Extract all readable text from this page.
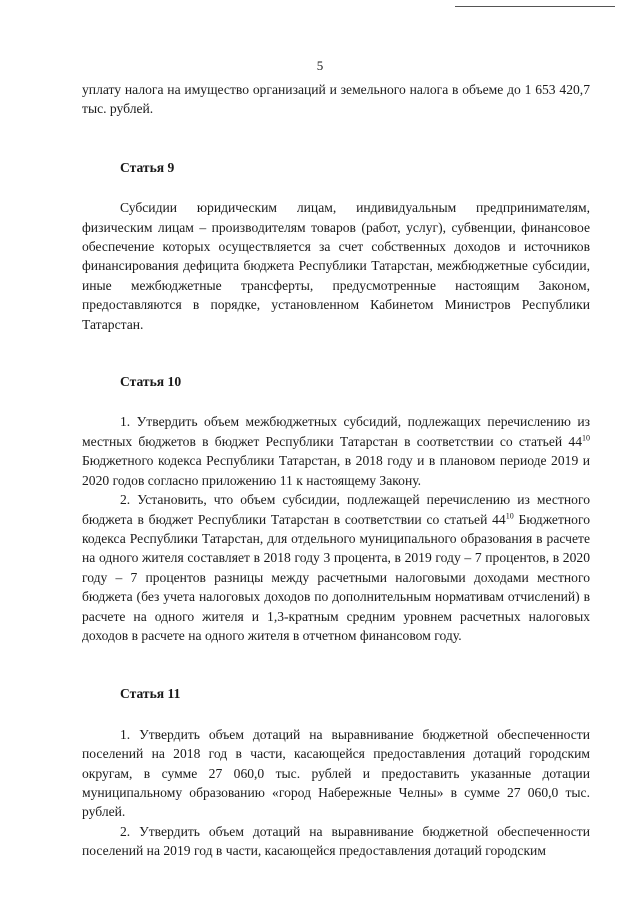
5

уплату налога на имущество организаций и земельного налога в объеме до 1 653 420,7 тыс. рублей.

Статья 9

Субсидии юридическим лицам, индивидуальным предпринимателям, физическим лицам – производителям товаров (работ, услуг), субвенции, финансовое обеспечение которых осуществляется за счет собственных доходов и источников финансирования дефицита бюджета Республики Татарстан, межбюджетные субсидии, иные межбюджетные трансферты, предусмотренные настоящим Законом, предоставляются в порядке, установленном Кабинетом Министров Республики Татарстан.

Статья 10

1. Утвердить объем межбюджетных субсидий, подлежащих перечислению из местных бюджетов в бюджет Республики Татарстан в соответствии со статьей $44^{10}$ Бюджетного кодекса Республики Татарстан, в 2018 году и в плановом периоде 2019 и 2020 годов согласно приложению 11 к настоящему Закону.

2. Установить, что объем субсидии, подлежащей перечислению из местного бюджета в бюджет Республики Татарстан в соответствии со статьей $44^{10}$ Бюджетного кодекса Республики Татарстан, для отдельного муниципального образования в расчете на одного жителя составляет в 2018 году 3 процента, в 2019 году – 7 процентов, в 2020 году – 7 процентов разницы между расчетными налоговыми доходами местного бюджета (без учета налоговых доходов по дополнительным нормативам отчислений) в расчете на одного жителя и 1,3-кратным средним уровнем расчетных налоговых доходов в расчете на одного жителя в отчетном финансовом году.

Статья 11

1. Утвердить объем дотаций на выравнивание бюджетной обеспеченности поселений на 2018 год в части, касающейся предоставления дотаций городским округам, в сумме 27 060,0 тыс. рублей и предоставить указанные дотации муниципальному образованию «город Набережные Челны» в сумме 27 060,0 тыс. рублей.

2. Утвердить объем дотаций на выравнивание бюджетной обеспеченности поселений на 2019 год в части, касающейся предоставления дотаций городским
